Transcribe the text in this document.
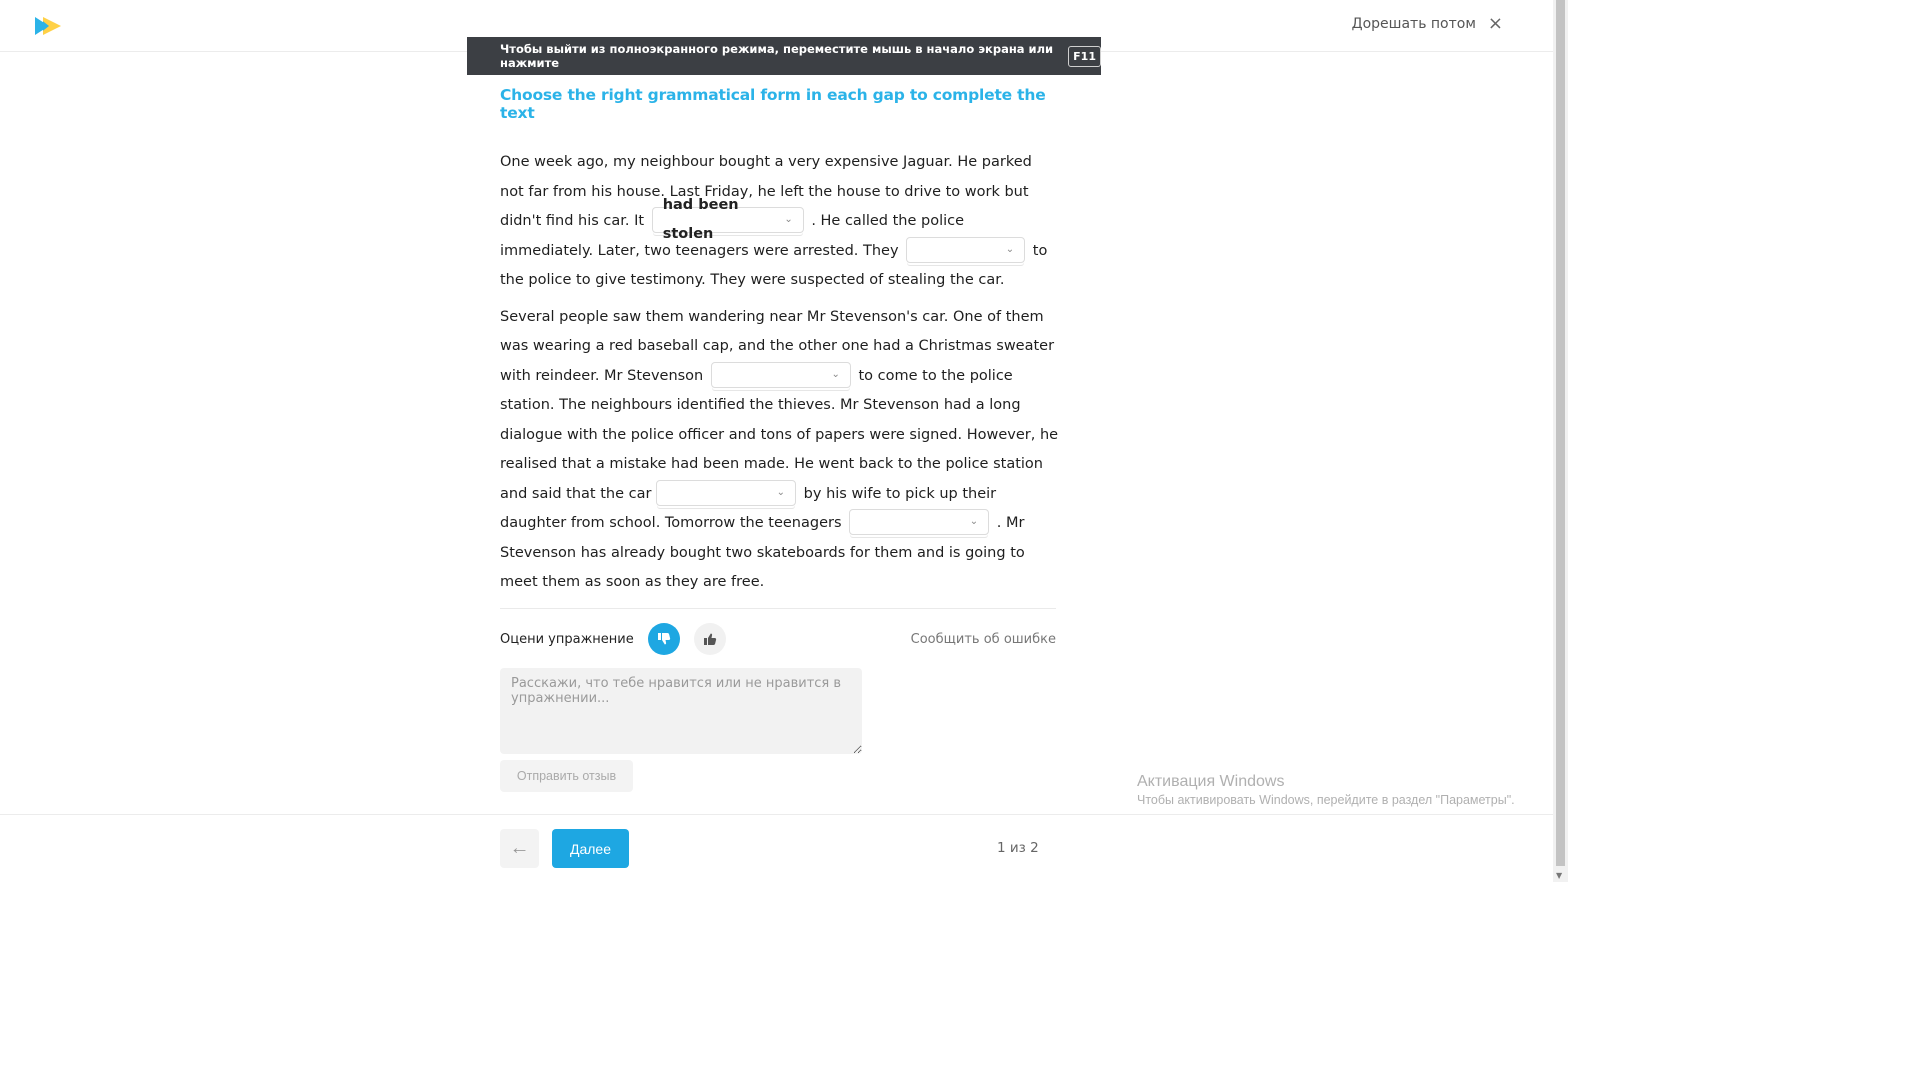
Дорешать потом ×
Чтобы выйти из полноэкранного режима, переместите мышь в начало экрана или нажмите	F11
Choose the right grammatical form in each gap to complete the text

One week ago, my neighbour bought a very expensive Jaguar. He parked not far from his house. Last Friday, he left the house to drive to work but didn't find his car. It
had been stolen
⌄ . He called the police immediately. Later, two teenagers were arrested. They	⌄ to the police to give testimony. They were suspected of stealing the car.

Several people saw them wandering near Mr Stevenson's car. One of them was wearing a red baseball cap, and the other one had a Christmas sweater with reindeer. Mr Stevenson	⌄ to come to the police station. The neighbours identified the thieves. Mr Stevenson had a long dialogue with the police officer and tons of papers were signed. However, he realised that a mistake had been made. He went back to the police station and said that the car	⌄ by his wife to pick up their daughter from school. Tomorrow the teenagers	⌄ . Mr Stevenson has already bought two skateboards for them and is going to meet them as soon as they are free.

Оцени упражнение	Сообщить об ошибке
Расскажи, что тебе нравится или не нравится в упражнении...
Отправить отзыв	Активация Windows
Чтобы активировать Windows, перейдите в раздел "Параметры".
←	Далее	1 из 2
▼
